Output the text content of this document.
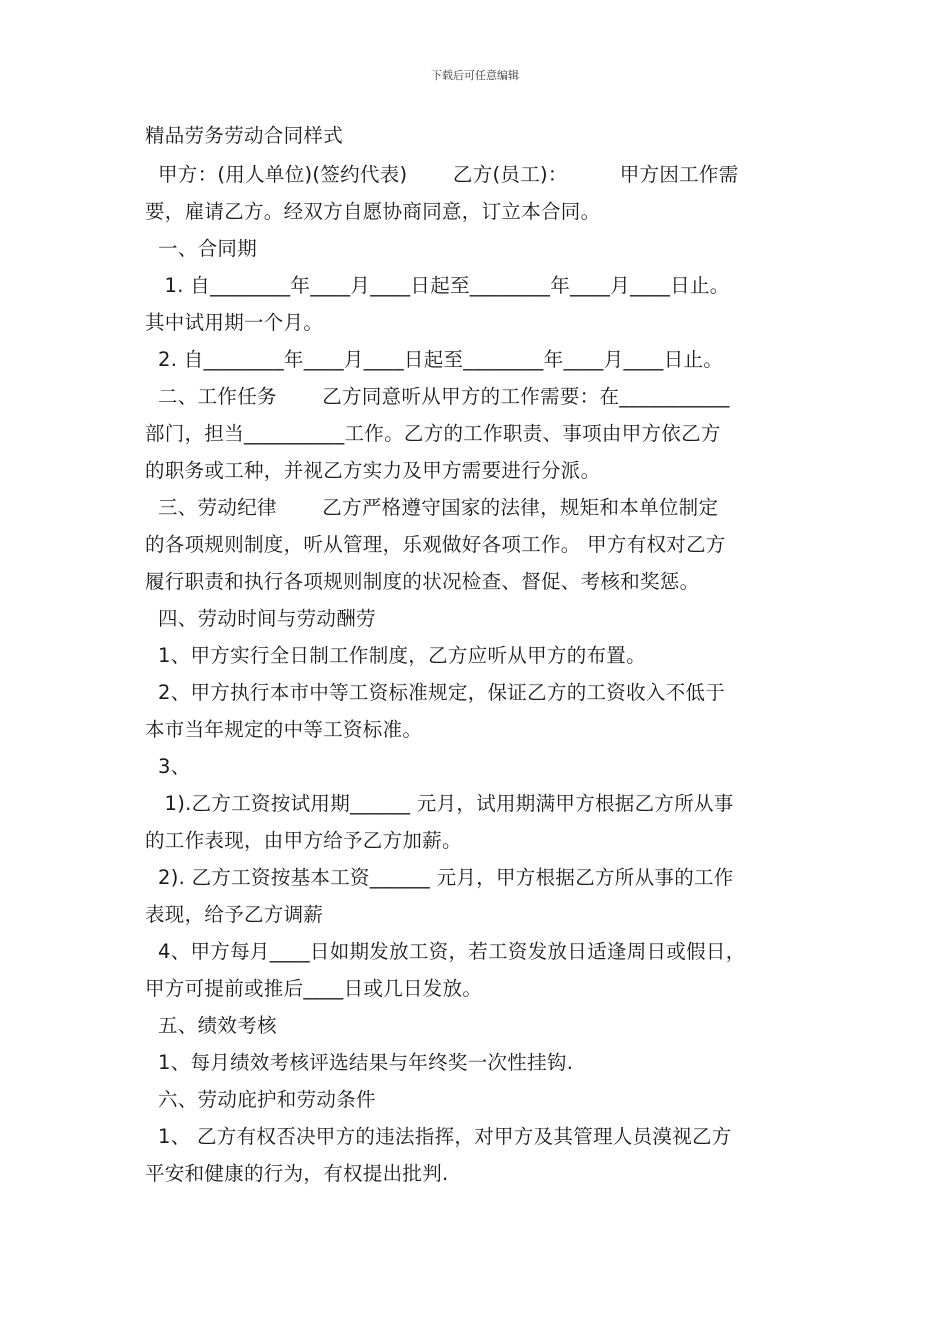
下载后可任意编辑
精品劳务劳动合同样式
甲方：(用人单位)(签约代表)       乙方(员工)：        甲方因工作需
要，雇请乙方。经双方自愿协商同意，订立本合同。
一、合同期
1. 自________年____月____日起至________年____月____日止。
其中试用期一个月。
2. 自________年____月____日起至________年____月____日止。
二、工作任务       乙方同意听从甲方的工作需要：在___________
部门，担当__________工作。乙方的工作职责、事项由甲方依乙方
的职务或工种，并视乙方实力及甲方需要进行分派。
三、劳动纪律       乙方严格遵守国家的法律，规矩和本单位制定
的各项规则制度，听从管理，乐观做好各项工作。 甲方有权对乙方
履行职责和执行各项规则制度的状况检查、督促、考核和奖惩。
四、劳动时间与劳动酬劳
1、甲方实行全日制工作制度，乙方应听从甲方的布置。
2、甲方执行本市中等工资标准规定，保证乙方的工资收入不低于
本市当年规定的中等工资标准。
3、
1).乙方工资按试用期______ 元月，试用期满甲方根据乙方所从事
的工作表现，由甲方给予乙方加薪。
2). 乙方工资按基本工资______ 元月，甲方根据乙方所从事的工作
表现，给予乙方调薪
4、甲方每月____日如期发放工资，若工资发放日适逢周日或假日，
甲方可提前或推后____日或几日发放。
五、绩效考核
1、每月绩效考核评选结果与年终奖一次性挂钩.
六、劳动庇护和劳动条件
1、 乙方有权否决甲方的违法指挥，对甲方及其管理人员漠视乙方
平安和健康的行为，有权提出批判.
